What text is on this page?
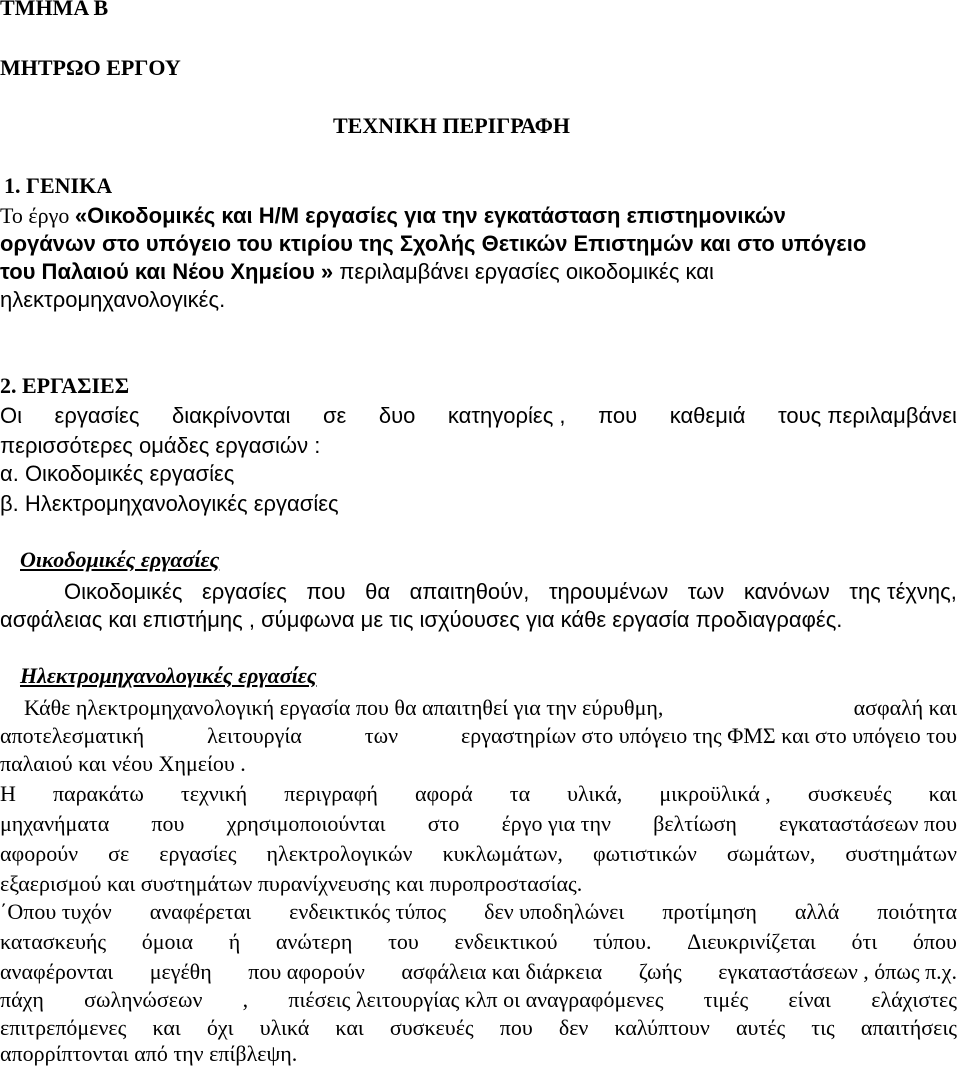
ΤΜΗΜΑ Β
ΜΗΤΡΩΟ ΕΡΓΟΥ
ΤΕΧΝΙΚΗ ΠΕΡΙΓΡΑΦΗ
1. ΓΕΝΙΚΑ
Το έργο «Οικοδομικές και Η/Μ εργασίες για την εγκατάσταση επιστημονικών
οργάνων στο υπόγειο του κτιρίου της Σχολής Θετικών Επιστημών και στο υπόγειο
του Παλαιού και Νέου Χημείου » περιλαμβάνει εργασίες οικοδομικές και
ηλεκτρομηχανολογικές.
2. ΕΡΓΑΣΙΕΣ
Οι εργασίες διακρίνονται σε δυο κατηγορίες , που καθεμιά τους περιλαμβάνει
περισσότερες ομάδες εργασιών :
α. Οικοδομικές εργασίες
β. Ηλεκτρομηχανολογικές εργασίες
Οικοδομικές εργασίες
Οικοδομικές εργασίες που θα απαιτηθούν, τηρουμένων των κανόνων της τέχνης,
ασφάλειας και επιστήμης , σύμφωνα με τις ισχύουσες για κάθε εργασία προδιαγραφές.
Ηλεκτρομηχανολογικές εργασίες
Κάθε ηλεκτρομηχανολογική εργασία που θα απαιτηθεί για την εύρυθμη,	ασφαλή και
αποτελεσματική	λειτουργία	των	εργαστηρίων στο υπόγειο της ΦΜΣ και στο υπόγειο του
παλαιού και νέου Χημείου .
Η παρακάτω τεχνική περιγραφή αφορά τα υλικά, μικροϋλικά , συσκευές και
μηχανήματα που χρησιμοποιούνται στο έργο για την βελτίωση εγκαταστάσεων που
αφορούν σε εργασίες ηλεκτρολογικών κυκλωμάτων, φωτιστικών σωμάτων, συστημάτων
εξαερισμού και συστημάτων πυρανίχνευσης και πυροπροστασίας.
΄Οπου τυχόν αναφέρεται ενδεικτικός τύπος δεν υποδηλώνει προτίμηση αλλά ποιότητα
κατασκευής όμοια ή ανώτερη του ενδεικτικού τύπου. Διευκρινίζεται ότι όπου
αναφέρονται μεγέθη που αφορούν ασφάλεια και διάρκεια ζωής εγκαταστάσεων , όπως π.χ.
πάχη σωληνώσεων , πιέσεις λειτουργίας κλπ οι αναγραφόμενες τιμές είναι ελάχιστες
επιτρεπόμενες και όχι υλικά και συσκευές που δεν καλύπτουν αυτές τις απαιτήσεις
απορρίπτονται από την επίβλεψη.
